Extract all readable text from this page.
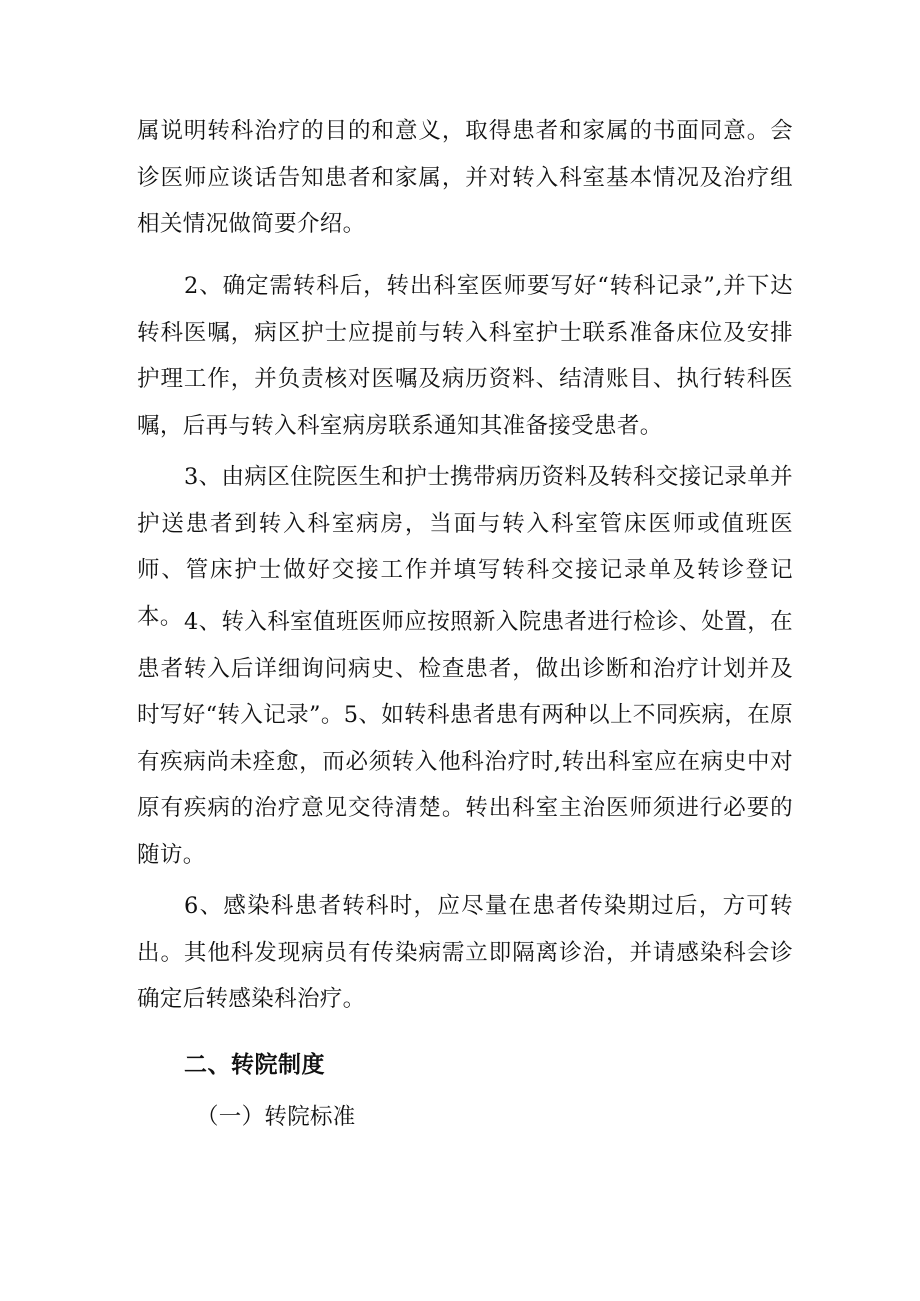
属说明转科治疗的目的和意义，取得患者和家属的书面同意。会诊医师应谈话告知患者和家属，并对转入科室基本情况及治疗组相关情况做简要介绍。

2、确定需转科后，转出科室医师要写好“转科记录”,并下达转科医嘱，病区护士应提前与转入科室护士联系准备床位及安排护理工作，并负责核对医嘱及病历资料、结清账目、执行转科医嘱，后再与转入科室病房联系通知其准备接受患者。

3、由病区住院医生和护士携带病历资料及转科交接记录单并护送患者到转入科室病房，当面与转入科室管床医师或值班医师、管床护士做好交接工作并填写转科交接记录单及转诊登记本。 4、转入科室值班医师应按照新入院患者进行检诊、处置，在患者转入后详细询问病史、检查患者，做出诊断和治疗计划并及时写好“转入记录”。5、如转科患者患有两种以上不同疾病，在原有疾病尚未痊愈，而必须转入他科治疗时,转出科室应在病史中对原有疾病的治疗意见交待清楚。转出科室主治医师须进行必要的随访。

6、感染科患者转科时，应尽量在患者传染期过后，方可转出。其他科发现病员有传染病需立即隔离诊治，并请感染科会诊确定后转感染科治疗。

二、转院制度
（一）转院标准
